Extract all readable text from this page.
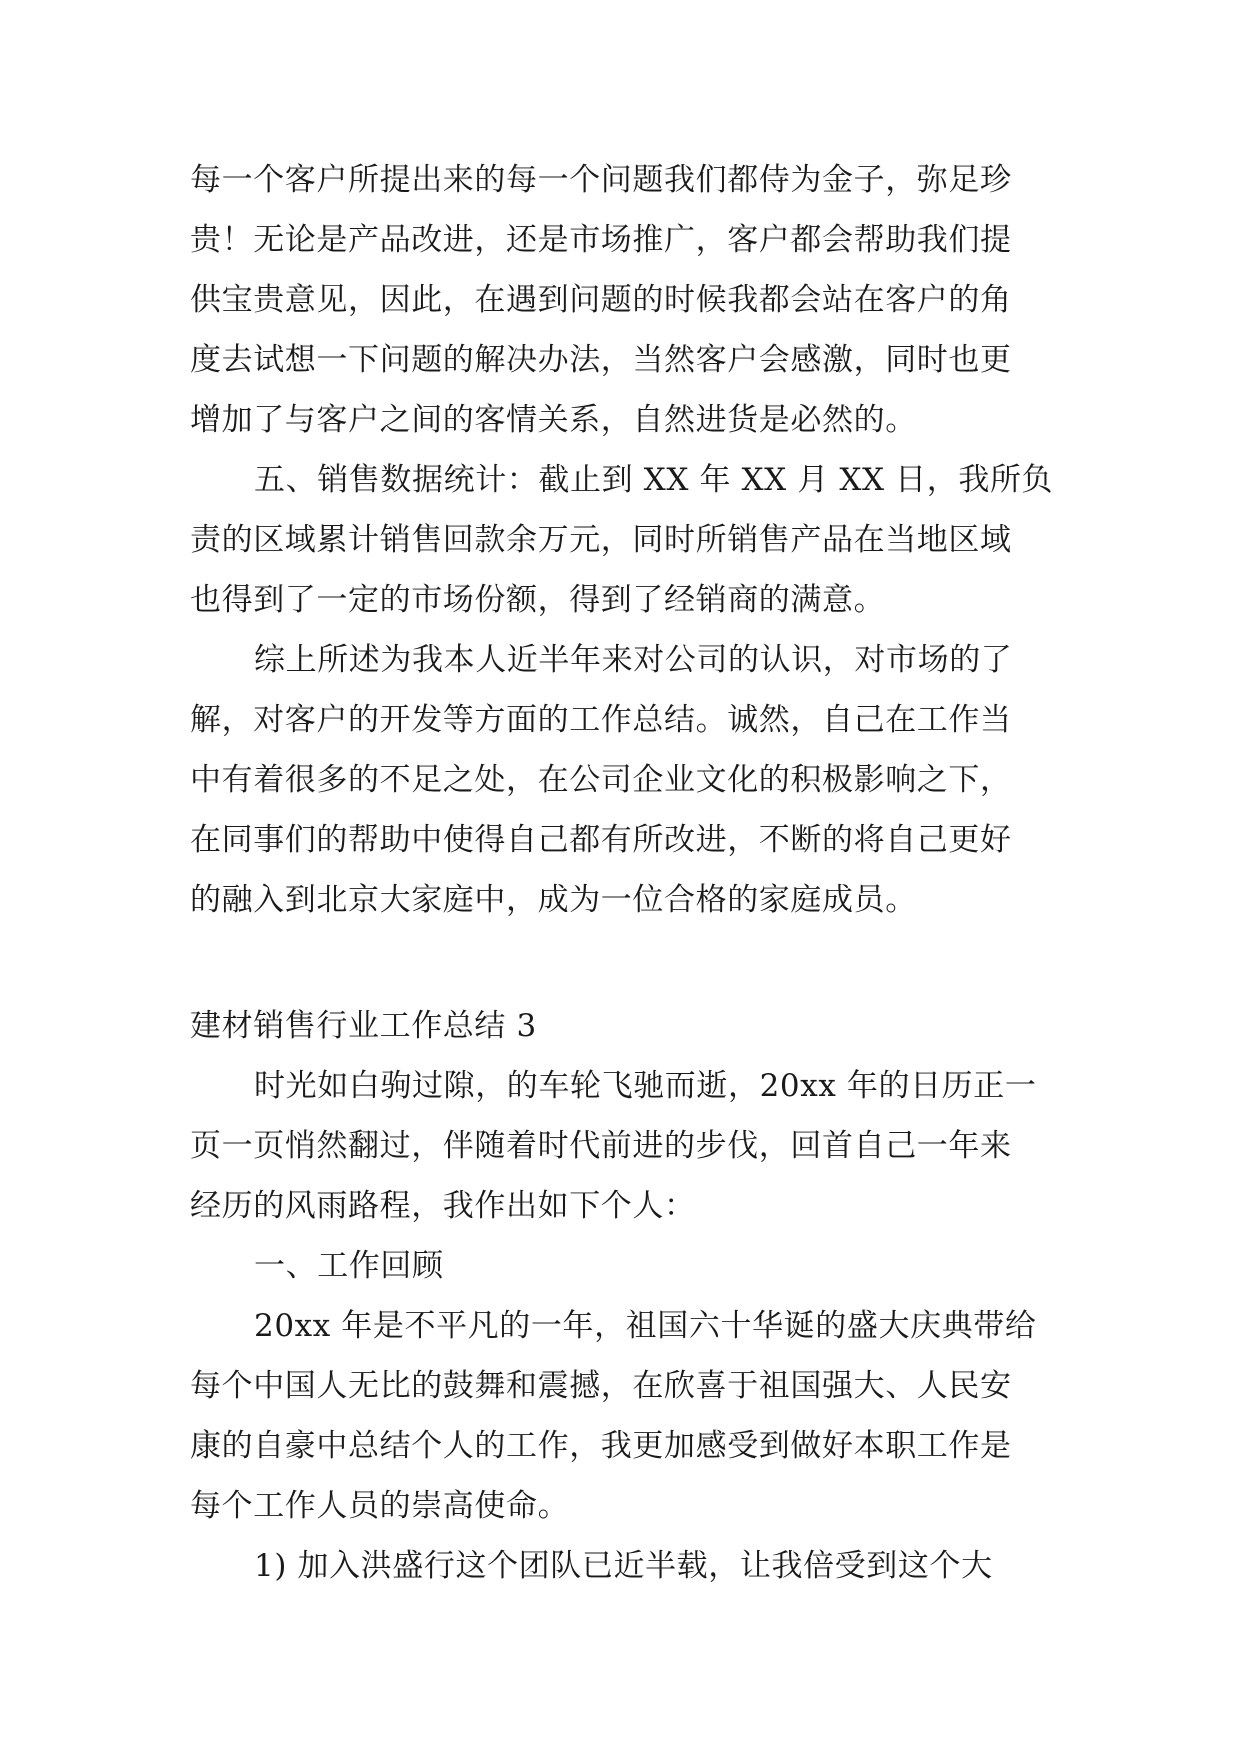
每一个客户所提出来的每一个问题我们都侍为金子，弥足珍
贵！无论是产品改进，还是市场推广，客户都会帮助我们提
供宝贵意见，因此，在遇到问题的时候我都会站在客户的角
度去试想一下问题的解决办法，当然客户会感激，同时也更
增加了与客户之间的客情关系，自然进货是必然的。
五、销售数据统计：截止到 XX 年 XX 月 XX 日，我所负
责的区域累计销售回款余万元，同时所销售产品在当地区域
也得到了一定的市场份额，得到了经销商的满意。
综上所述为我本人近半年来对公司的认识，对市场的了
解，对客户的开发等方面的工作总结。诚然，自己在工作当
中有着很多的不足之处，在公司企业文化的积极影响之下，
在同事们的帮助中使得自己都有所改进，不断的将自己更好
的融入到北京大家庭中，成为一位合格的家庭成员。
建材销售行业工作总结 3
时光如白驹过隙，的车轮飞驰而逝，20xx 年的日历正一
页一页悄然翻过，伴随着时代前进的步伐，回首自己一年来
经历的风雨路程，我作出如下个人：
一、工作回顾
20xx 年是不平凡的一年，祖国六十华诞的盛大庆典带给
每个中国人无比的鼓舞和震撼，在欣喜于祖国强大、人民安
康的自豪中总结个人的工作，我更加感受到做好本职工作是
每个工作人员的崇高使命。
1) 加入洪盛行这个团队已近半载，让我倍受到这个大
